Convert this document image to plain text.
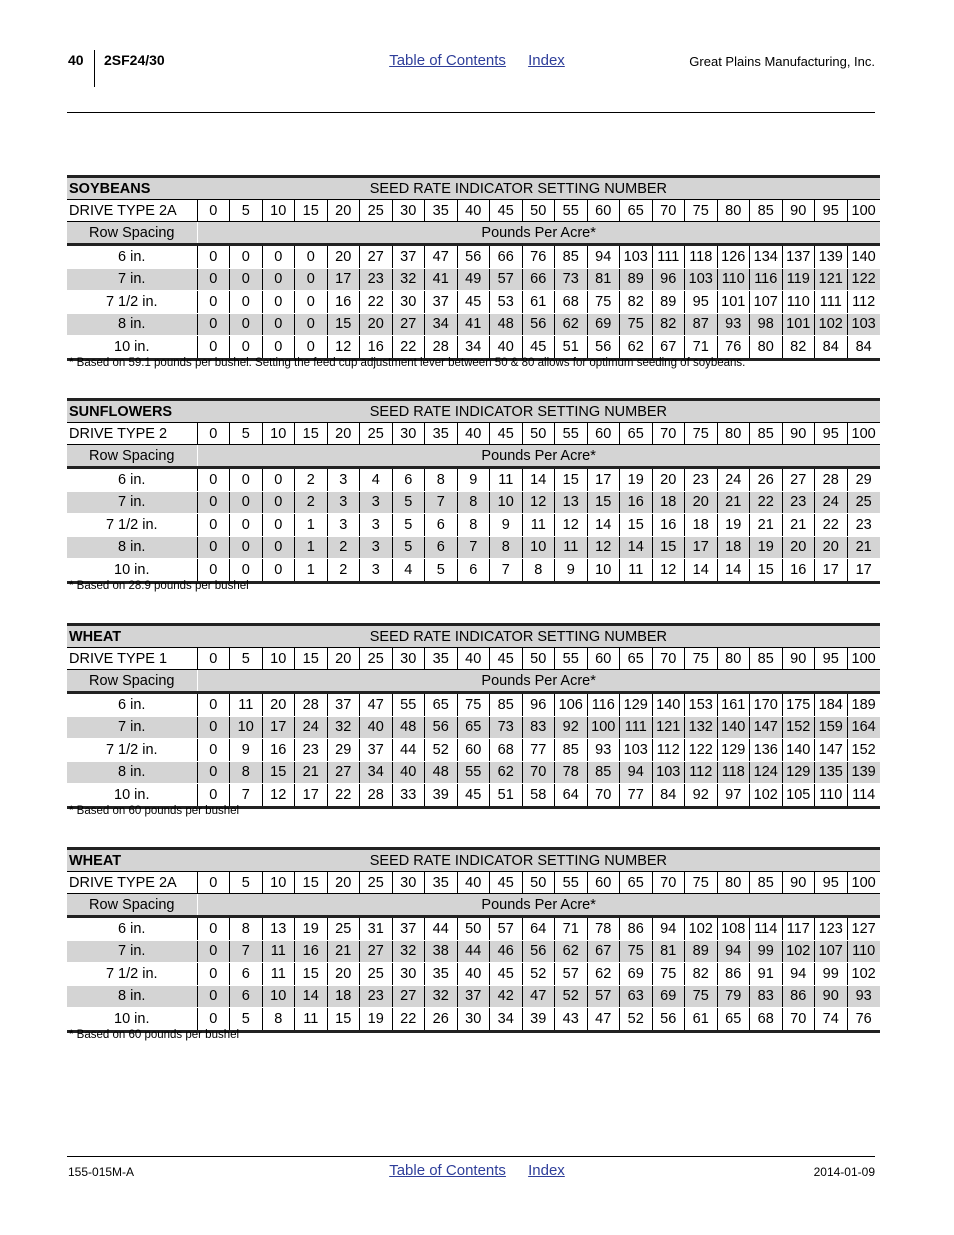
40 2SF24/30	Table of Contents Index	Great Plains Manufacturing, Inc.
SOYBEANS	SEED RATE INDICATOR SETTING NUMBER																				
DRIVE TYPE 2A	0	5	10	15	20	25	30	35	40	45	50	55	60	65	70	75	80	85	90	95	100
Row Spacing	Pounds Per Acre*																				
6 in.	0	0	0	0	20	27	37	47	56	66	76	85	94	103	111	118	126	134	137	139	140
7 in.	0	0	0	0	17	23	32	41	49	57	66	73	81	89	96	103	110	116	119	121	122
7 1/2 in.	0	0	0	0	16	22	30	37	45	53	61	68	75	82	89	95	101	107	110	111	112
8 in.	0	0	0	0	15	20	27	34	41	48	56	62	69	75	82	87	93	98	101	102	103
10 in.	0	0	0	0	12	16	22	28	34	40	45	51	56	62	67	71	76	80	82	84	84
* Based on 59.1 pounds per bushel. Setting the feed cup adjustment lever between 50 & 80 allows for optimum seeding of soybeans.
SUNFLOWERS	SEED RATE INDICATOR SETTING NUMBER																				
DRIVE TYPE 2	0	5	10	15	20	25	30	35	40	45	50	55	60	65	70	75	80	85	90	95	100
Row Spacing	Pounds Per Acre*																				
6 in.	0	0	0	2	3	4	6	8	9	11	14	15	17	19	20	23	24	26	27	28	29
7 in.	0	0	0	2	3	3	5	7	8	10	12	13	15	16	18	20	21	22	23	24	25
7 1/2 in.	0	0	0	1	3	3	5	6	8	9	11	12	14	15	16	18	19	21	21	22	23
8 in.	0	0	0	1	2	3	5	6	7	8	10	11	12	14	15	17	18	19	20	20	21
10 in.	0	0	0	1	2	3	4	5	6	7	8	9	10	11	12	14	14	15	16	17	17
* Based on 28.9 pounds per bushel
WHEAT	SEED RATE INDICATOR SETTING NUMBER																				
DRIVE TYPE 1	0	5	10	15	20	25	30	35	40	45	50	55	60	65	70	75	80	85	90	95	100
Row Spacing	Pounds Per Acre*																				
6 in.	0	11	20	28	37	47	55	65	75	85	96	106	116	129	140	153	161	170	175	184	189
7 in.	0	10	17	24	32	40	48	56	65	73	83	92	100	111	121	132	140	147	152	159	164
7 1/2 in.	0	9	16	23	29	37	44	52	60	68	77	85	93	103	112	122	129	136	140	147	152
8 in.	0	8	15	21	27	34	40	48	55	62	70	78	85	94	103	112	118	124	129	135	139
10 in.	0	7	12	17	22	28	33	39	45	51	58	64	70	77	84	92	97	102	105	110	114
* Based on 60 pounds per bushel
WHEAT	SEED RATE INDICATOR SETTING NUMBER																				
DRIVE TYPE 2A	0	5	10	15	20	25	30	35	40	45	50	55	60	65	70	75	80	85	90	95	100
Row Spacing	Pounds Per Acre*																				
6 in.	0	8	13	19	25	31	37	44	50	57	64	71	78	86	94	102	108	114	117	123	127
7 in.	0	7	11	16	21	27	32	38	44	46	56	62	67	75	81	89	94	99	102	107	110
7 1/2 in.	0	6	11	15	20	25	30	35	40	45	52	57	62	69	75	82	86	91	94	99	102
8 in.	0	6	10	14	18	23	27	32	37	42	47	52	57	63	69	75	79	83	86	90	93
10 in.	0	5	8	11	15	19	22	26	30	34	39	43	47	52	56	61	65	68	70	74	76
* Based on 60 pounds per bushel
155-015M-A	Table of Contents Index	2014-01-09
